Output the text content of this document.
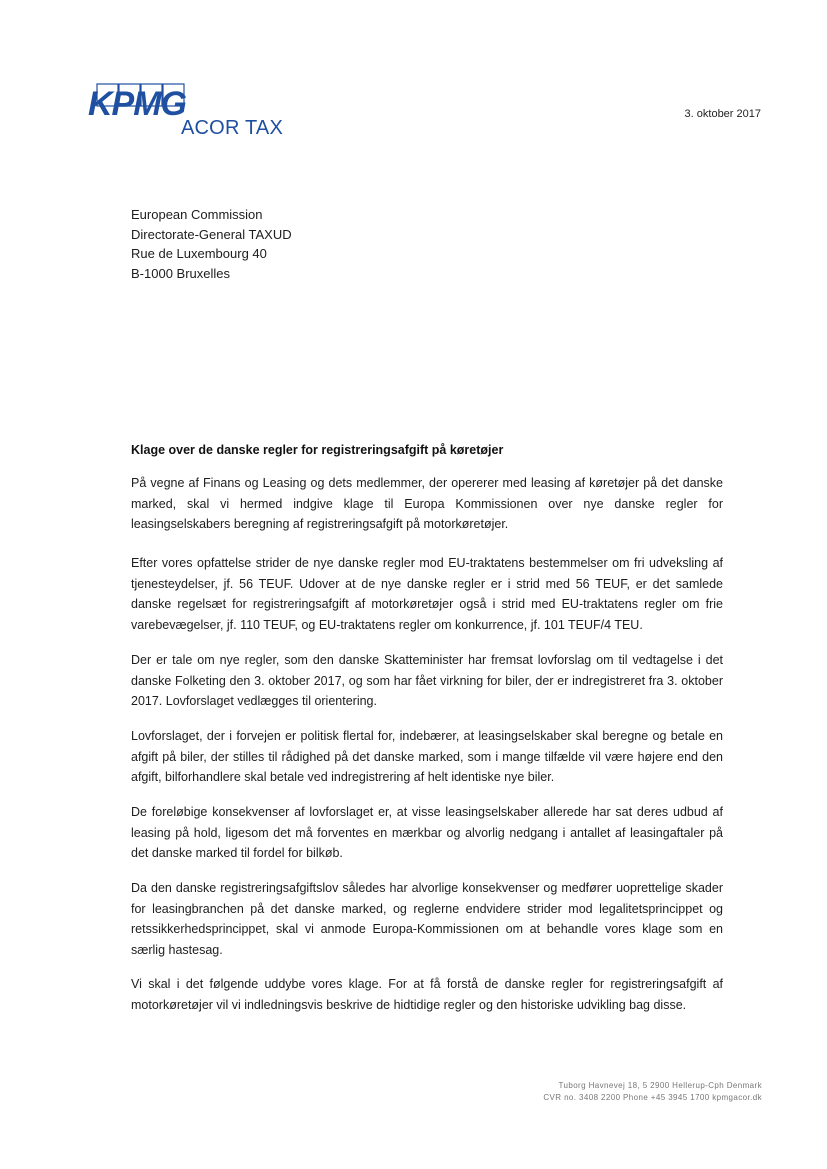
KPMG
ACOR TAX
3. oktober 2017
European Commission
Directorate-General TAXUD
Rue de Luxembourg 40
B-1000 Bruxelles
Klage over de danske regler for registreringsafgift på køretøjer
På vegne af Finans og Leasing og dets medlemmer, der opererer med leasing af køretøjer på det danske marked, skal vi hermed indgive klage til Europa Kommissionen over nye danske regler for leasingselskabers beregning af registreringsafgift på motorkøretøjer.
Efter vores opfattelse strider de nye danske regler mod EU-traktatens bestemmelser om fri udveksling af tjenesteydelser, jf. 56 TEUF. Udover at de nye danske regler er i strid med 56 TEUF, er det samlede danske regelsæt for registreringsafgift af motorkøretøjer også i strid med EU-traktatens regler om frie varebevægelser, jf. 110 TEUF, og EU-traktatens regler om konkurrence, jf. 101 TEUF/4 TEU.
Der er tale om nye regler, som den danske Skatteminister har fremsat lovforslag om til vedtagelse i det danske Folketing den 3. oktober 2017, og som har fået virkning for biler, der er indregistreret fra 3. oktober 2017. Lovforslaget vedlægges til orientering.
Lovforslaget, der i forvejen er politisk flertal for, indebærer, at leasingselskaber skal beregne og betale en afgift på biler, der stilles til rådighed på det danske marked, som i mange tilfælde vil være højere end den afgift, bilforhandlere skal betale ved indregistrering af helt identiske nye biler.
De foreløbige konsekvenser af lovforslaget er, at visse leasingselskaber allerede har sat deres udbud af leasing på hold, ligesom det må forventes en mærkbar og alvorlig nedgang i antallet af leasingaftaler på det danske marked til fordel for bilkøb.
Da den danske registreringsafgiftslov således har alvorlige konsekvenser og medfører uoprettelige skader for leasingbranchen på det danske marked, og reglerne endvidere strider mod legalitetsprincippet og retssikkerhedsprincippet, skal vi anmode Europa-Kommissionen om at behandle vores klage som en særlig hastesag.
Vi skal i det følgende uddybe vores klage. For at få forstå de danske regler for registreringsafgift af motorkøretøjer vil vi indledningsvis beskrive de hidtidige regler og den historiske udvikling bag disse.
Tuborg Havnevej 18, 5 2900 Hellerup-Cph Denmark
CVR no. 3408 2200 Phone +45 3945 1700 kpmgacor.dk
